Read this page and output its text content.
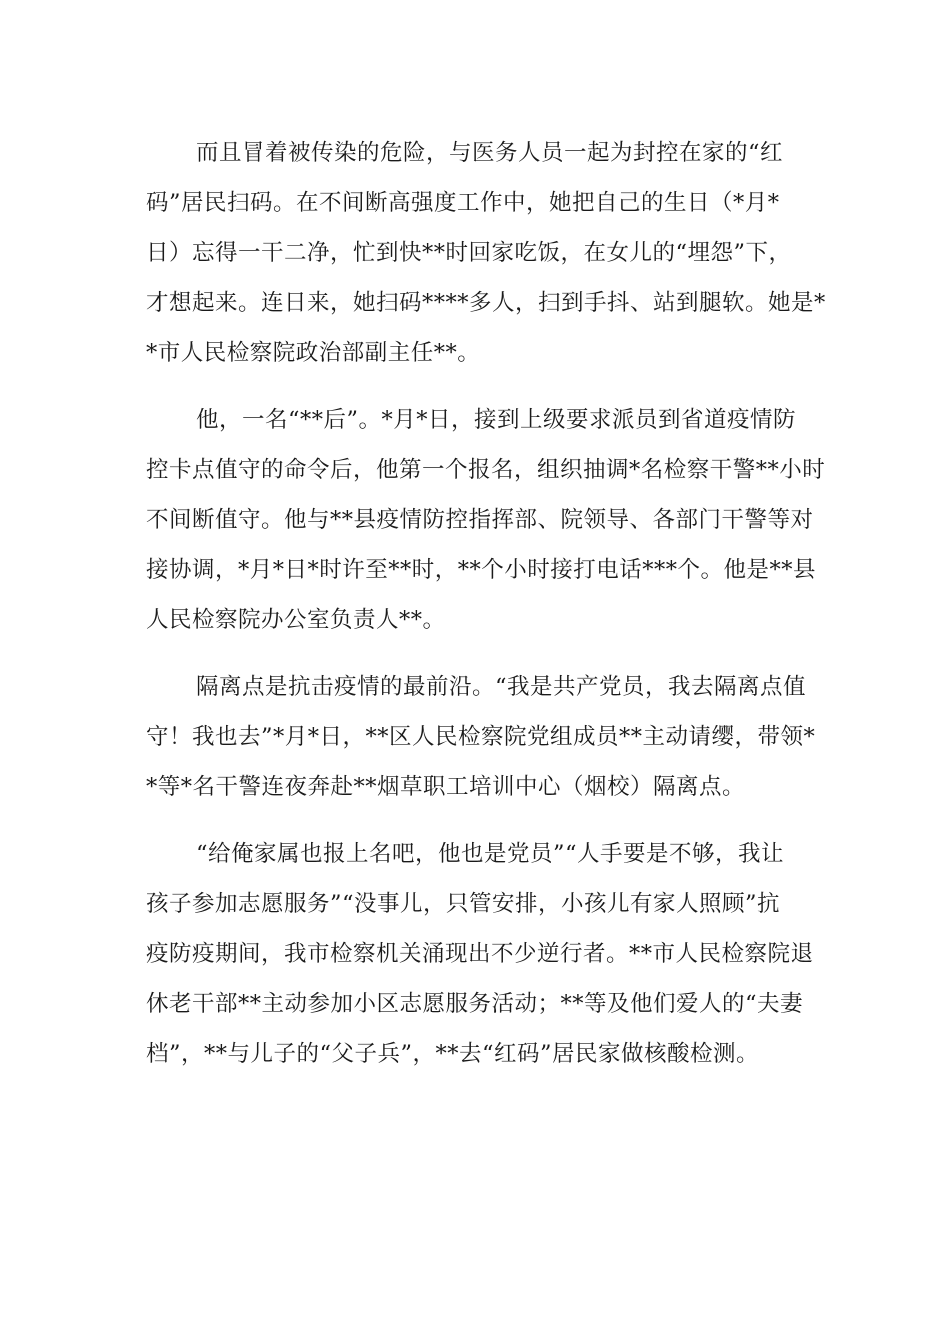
而且冒着被传染的危险，与医务人员一起为封控在家的“红
码”居民扫码。在不间断高强度工作中，她把自己的生日（*月*
日）忘得一干二净，忙到快**时回家吃饭，在女儿的“埋怨”下，
才想起来。连日来，她扫码****多人，扫到手抖、站到腿软。她是*
*市人民检察院政治部副主任**。
他，一名“**后”。*月*日，接到上级要求派员到省道疫情防
控卡点值守的命令后，他第一个报名，组织抽调*名检察干警**小时
不间断值守。他与**县疫情防控指挥部、院领导、各部门干警等对
接协调，*月*日*时许至**时，**个小时接打电话***个。他是**县
人民检察院办公室负责人**。
隔离点是抗击疫情的最前沿。“我是共产党员，我去隔离点值
守！我也去”*月*日，**区人民检察院党组成员**主动请缨，带领*
*等*名干警连夜奔赴**烟草职工培训中心（烟校）隔离点。
“给俺家属也报上名吧，他也是党员”“人手要是不够，我让
孩子参加志愿服务”“没事儿，只管安排，小孩儿有家人照顾”抗
疫防疫期间，我市检察机关涌现出不少逆行者。**市人民检察院退
休老干部**主动参加小区志愿服务活动；**等及他们爱人的“夫妻
档”，**与儿子的“父子兵”，**去“红码”居民家做核酸检测。
